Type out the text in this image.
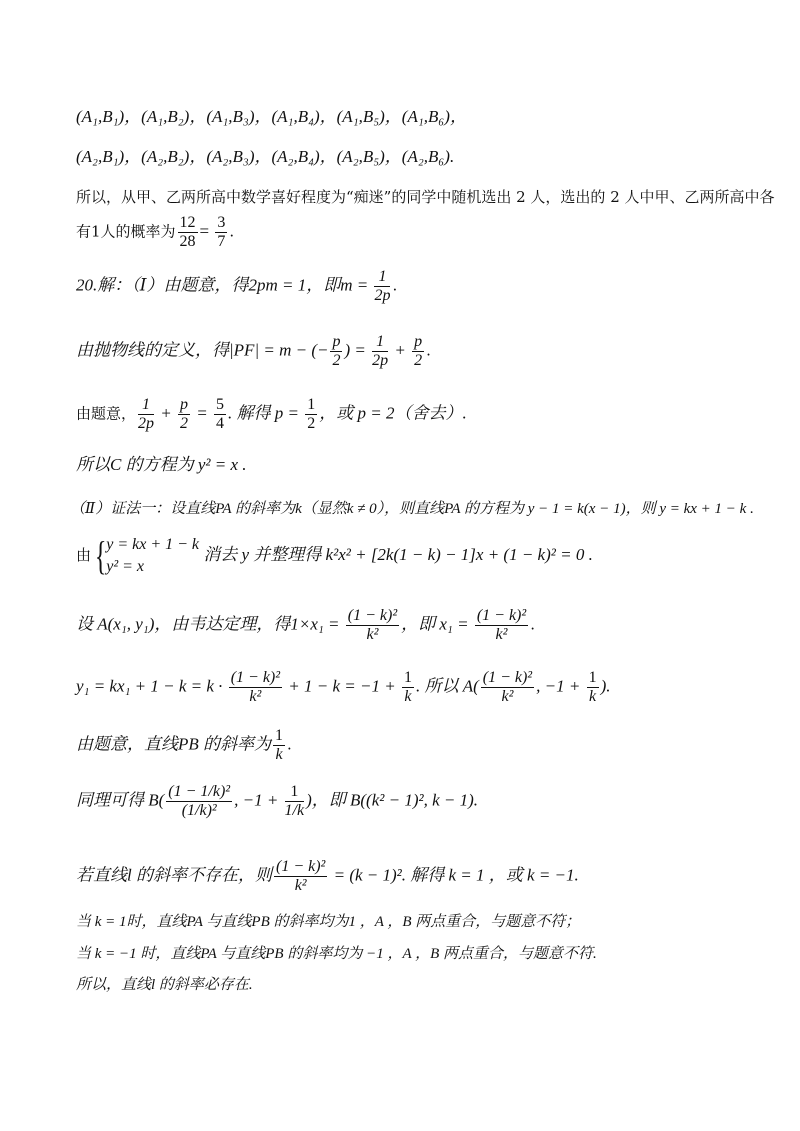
(A₁,B₁)，(A₁,B₂)，(A₁,B₃)，(A₁,B₄)，(A₁,B₅)，(A₁,B₆)，
(A₂,B₁)，(A₂,B₂)，(A₂,B₃)，(A₂,B₄)，(A₂,B₅)，(A₂,B₆).
所以，从甲、乙两所高中数学喜好程度为“痴迷”的同学中随机选出 2 人，选出的 2 人中甲、乙两所高中各
有1人的概率为 $\frac{12}{28} = \frac{3}{7}$ .
20.解：（Ⅰ）由题意，得2pm = 1，即$m = \frac{1}{2p}$ .
由抛物线的定义，得|PF| = m − (− $\frac{p}{2}$ ) = $\frac{1}{2p} + \frac{p}{2}$ .
由题意， $\frac{1}{2p} + \frac{p}{2} = \frac{5}{4}$ . 解得 $p = \frac{1}{2}$ ，或 p = 2（舍去）.
所以C 的方程为 y² = x .
（Ⅱ）证法一：设直线PA 的斜率为k（显然k ≠ 0），则直线PA 的方程为 y − 1 = k(x − 1)，则 y = kx + 1 − k .
由{ y = kx + 1 − k
y² = x
消去 y 并整理得 k²x² + [2k(1 − k) − 1]x + (1 − k)² = 0 .
设 A(x₁, y₁)，由韦达定理，得$1\times x_1 = \frac{\text{(1 − k)²}}{\text{k²}}$ ，即 $x_1 = \frac{\text{(1 − k)²}}{\text{k²}}$ .
$y_1 = kx_1 + 1 - k = k \cdot \frac{\text{(1 − k)²}}{\text{k²}} + 1 - k = -1 + \frac{1}{k}$ . 所以 $A( \frac{\text{(1 − k)²}}{\text{k²}}$ , $-1 + \frac{1}{k}$ ).
由题意，直线PB 的斜率为 $\frac{1}{k}$ .
同理可得 $B( \frac{\text{(1 − 1/k)²}}{\text{(1/k)²}}$ , $-1 + \frac{1}{1/k}$ )，即 B((k² − 1)², k − 1).
若直线l 的斜率不存在，则 $\frac{\text{(1 − k)²}}{\text{k²}} = (k - 1)^2$. 解得 k = 1 ，或 k = −1.
当 k = 1时，直线PA 与直线PB 的斜率均为1 ，A ，B 两点重合，与题意不符；
当 k = −1 时，直线PA 与直线PB 的斜率均为 −1 ，A ，B 两点重合，与题意不符.
所以，直线l 的斜率必存在.
